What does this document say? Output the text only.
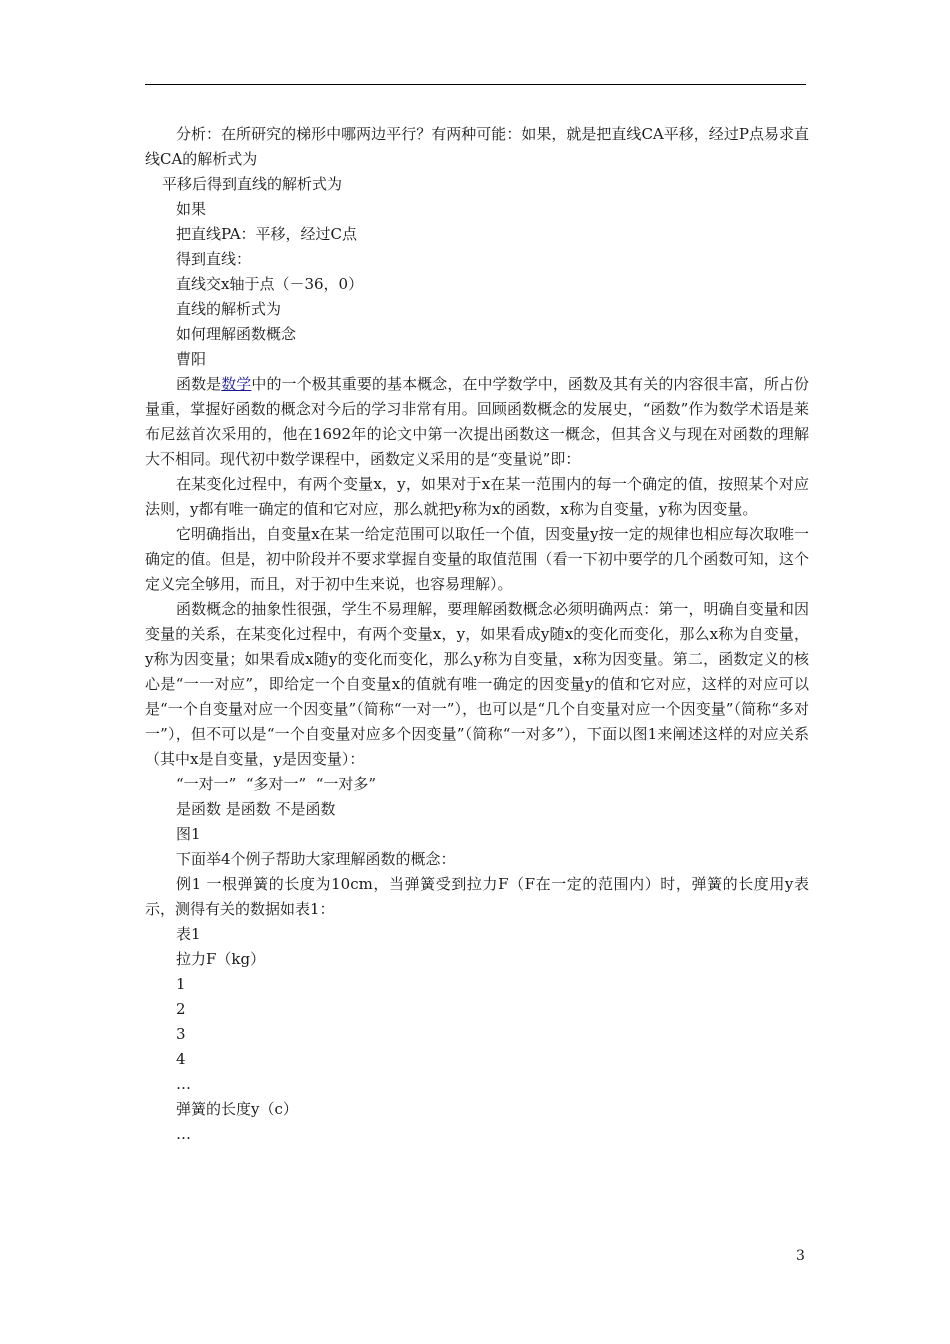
分析：在所研究的梯形中哪两边平行？有两种可能：如果，就是把直线CA平移，经过P点易求直线CA的解析式为

平移后得到直线的解析式为

如果

把直线PA：平移，经过C点

得到直线：

直线交x轴于点（－36，0）

直线的解析式为

如何理解函数概念

曹阳

函数是数学中的一个极其重要的基本概念，在中学数学中，函数及其有关的内容很丰富，所占份量重，掌握好函数的概念对今后的学习非常有用。回顾函数概念的发展史，“函数”作为数学术语是莱布尼兹首次采用的，他在1692年的论文中第一次提出函数这一概念，但其含义与现在对函数的理解大不相同。现代初中数学课程中，函数定义采用的是“变量说”即：

在某变化过程中，有两个变量x，y，如果对于x在某一范围内的每一个确定的值，按照某个对应法则，y都有唯一确定的值和它对应，那么就把y称为x的函数，x称为自变量，y称为因变量。

它明确指出，自变量x在某一给定范围可以取任一个值，因变量y按一定的规律也相应每次取唯一确定的值。但是，初中阶段并不要求掌握自变量的取值范围（看一下初中要学的几个函数可知，这个定义完全够用，而且，对于初中生来说，也容易理解）。

函数概念的抽象性很强，学生不易理解，要理解函数概念必须明确两点：第一，明确自变量和因变量的关系，在某变化过程中，有两个变量x，y，如果看成y随x的变化而变化，那么x称为自变量，y称为因变量；如果看成x随y的变化而变化，那么y称为自变量，x称为因变量。第二，函数定义的核心是“一一对应”，即给定一个自变量x的值就有唯一确定的因变量y的值和它对应，这样的对应可以是“一个自变量对应一个因变量”（简称“一对一”），也可以是“几个自变量对应一个因变量”（简称“多对一”），但不可以是“一个自变量对应多个因变量”（简称“一对多”），下面以图1来阐述这样的对应关系（其中x是自变量，y是因变量）：

“一对一”  “多对一”  “一对多”

是函数 是函数 不是函数

图1

下面举4个例子帮助大家理解函数的概念：

例1 一根弹簧的长度为10cm，当弹簧受到拉力F（F在一定的范围内）时，弹簧的长度用y表示，测得有关的数据如表1：

表1

拉力F（kg）

1

2

3

4

…

弹簧的长度y（c）

…

3
